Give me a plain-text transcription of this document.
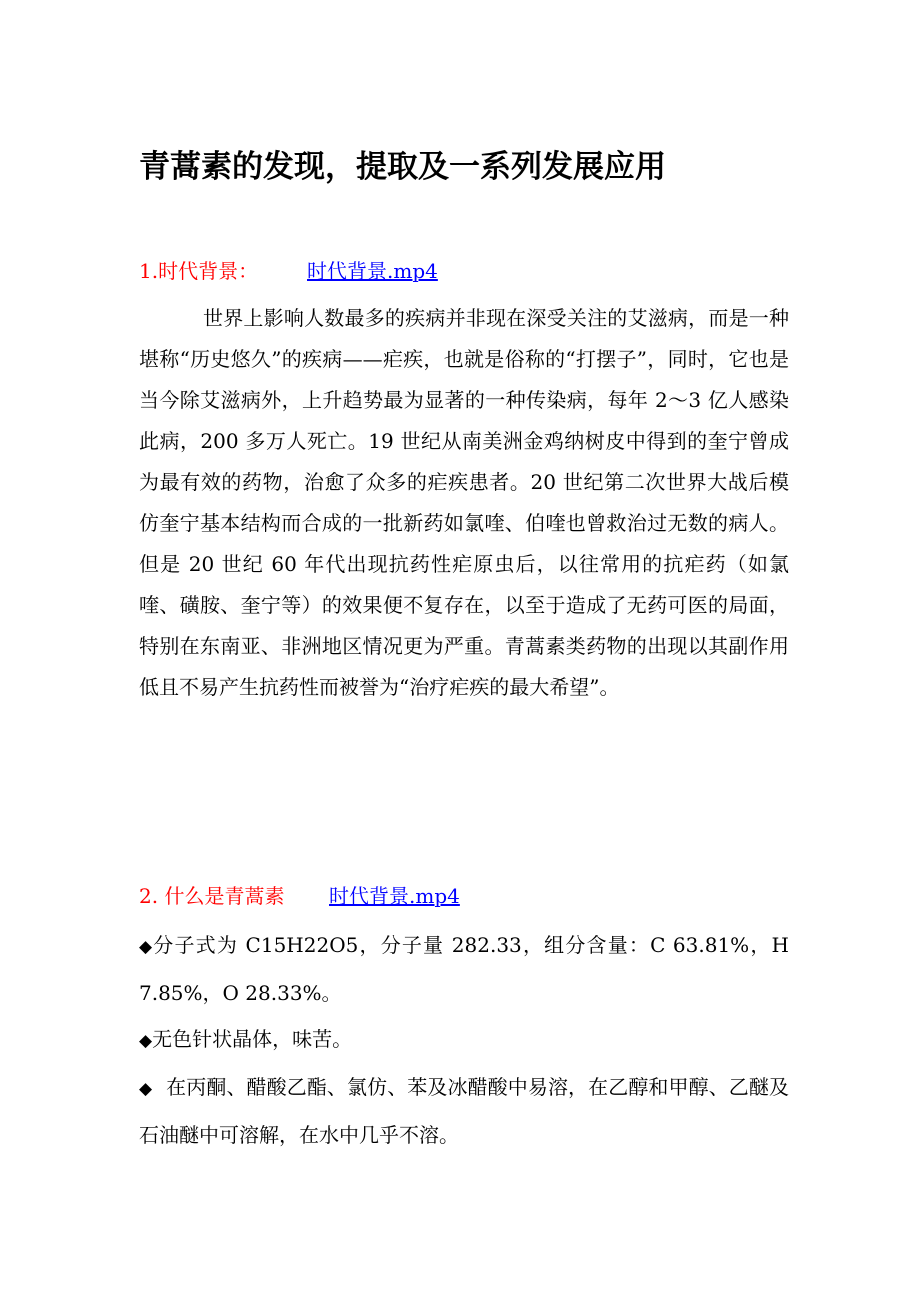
青蒿素的发现，提取及一系列发展应用
1.时代背景： 时代背景.mp4

世界上影响人数最多的疾病并非现在深受关注的艾滋病，而是一种堪称“历史悠久”的疾病——疟疾，也就是俗称的“打摆子”，同时，它也是当今除艾滋病外，上升趋势最为显著的一种传染病，每年 2～3 亿人感染此病，200 多万人死亡。19 世纪从南美洲金鸡纳树皮中得到的奎宁曾成为最有效的药物，治愈了众多的疟疾患者。20 世纪第二次世界大战后模仿奎宁基本结构而合成的一批新药如氯喹、伯喹也曾救治过无数的病人。但是 20 世纪 60 年代出现抗药性疟原虫后，以往常用的抗疟药（如氯喹、磺胺、奎宁等）的效果便不复存在，以至于造成了无药可医的局面，特别在东南亚、非洲地区情况更为严重。青蒿素类药物的出现以其副作用低且不易产生抗药性而被誉为“治疗疟疾的最大希望”。

2. 什么是青蒿素 时代背景.mp4
◆分子式为 C15H22O5，分子量 282.33，组分含量：C 63.81%，H 7.85%，O 28.33%。
◆无色针状晶体，味苦。
◆ 在丙酮、醋酸乙酯、氯仿、苯及冰醋酸中易溶，在乙醇和甲醇、乙醚及石油醚中可溶解，在水中几乎不溶。
